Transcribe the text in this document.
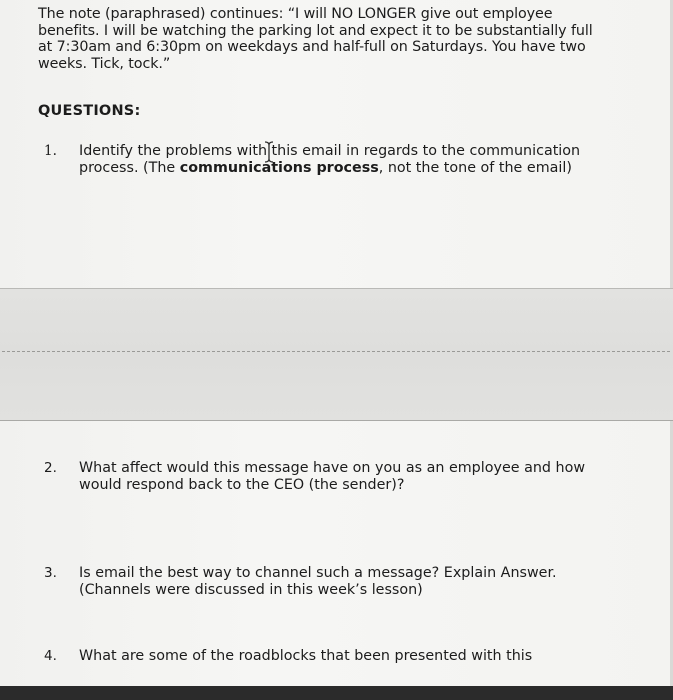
The note (paraphrased) continues: “I will NO LONGER give out employee benefits. I will be watching the parking lot and expect it to be substantially full at 7:30am and 6:30pm on weekdays and half-full on Saturdays. You have two weeks. Tick, tock.”
QUESTIONS:
1. Identify the problems with this email in regards to the communication process. (The communications process, not the tone of the email)
2. What affect would this message have on you as an employee and how would respond back to the CEO (the sender)?
3. Is email the best way to channel such a message? Explain Answer. (Channels were discussed in this week’s lesson)
4. What are some of the roadblocks that been presented with this
